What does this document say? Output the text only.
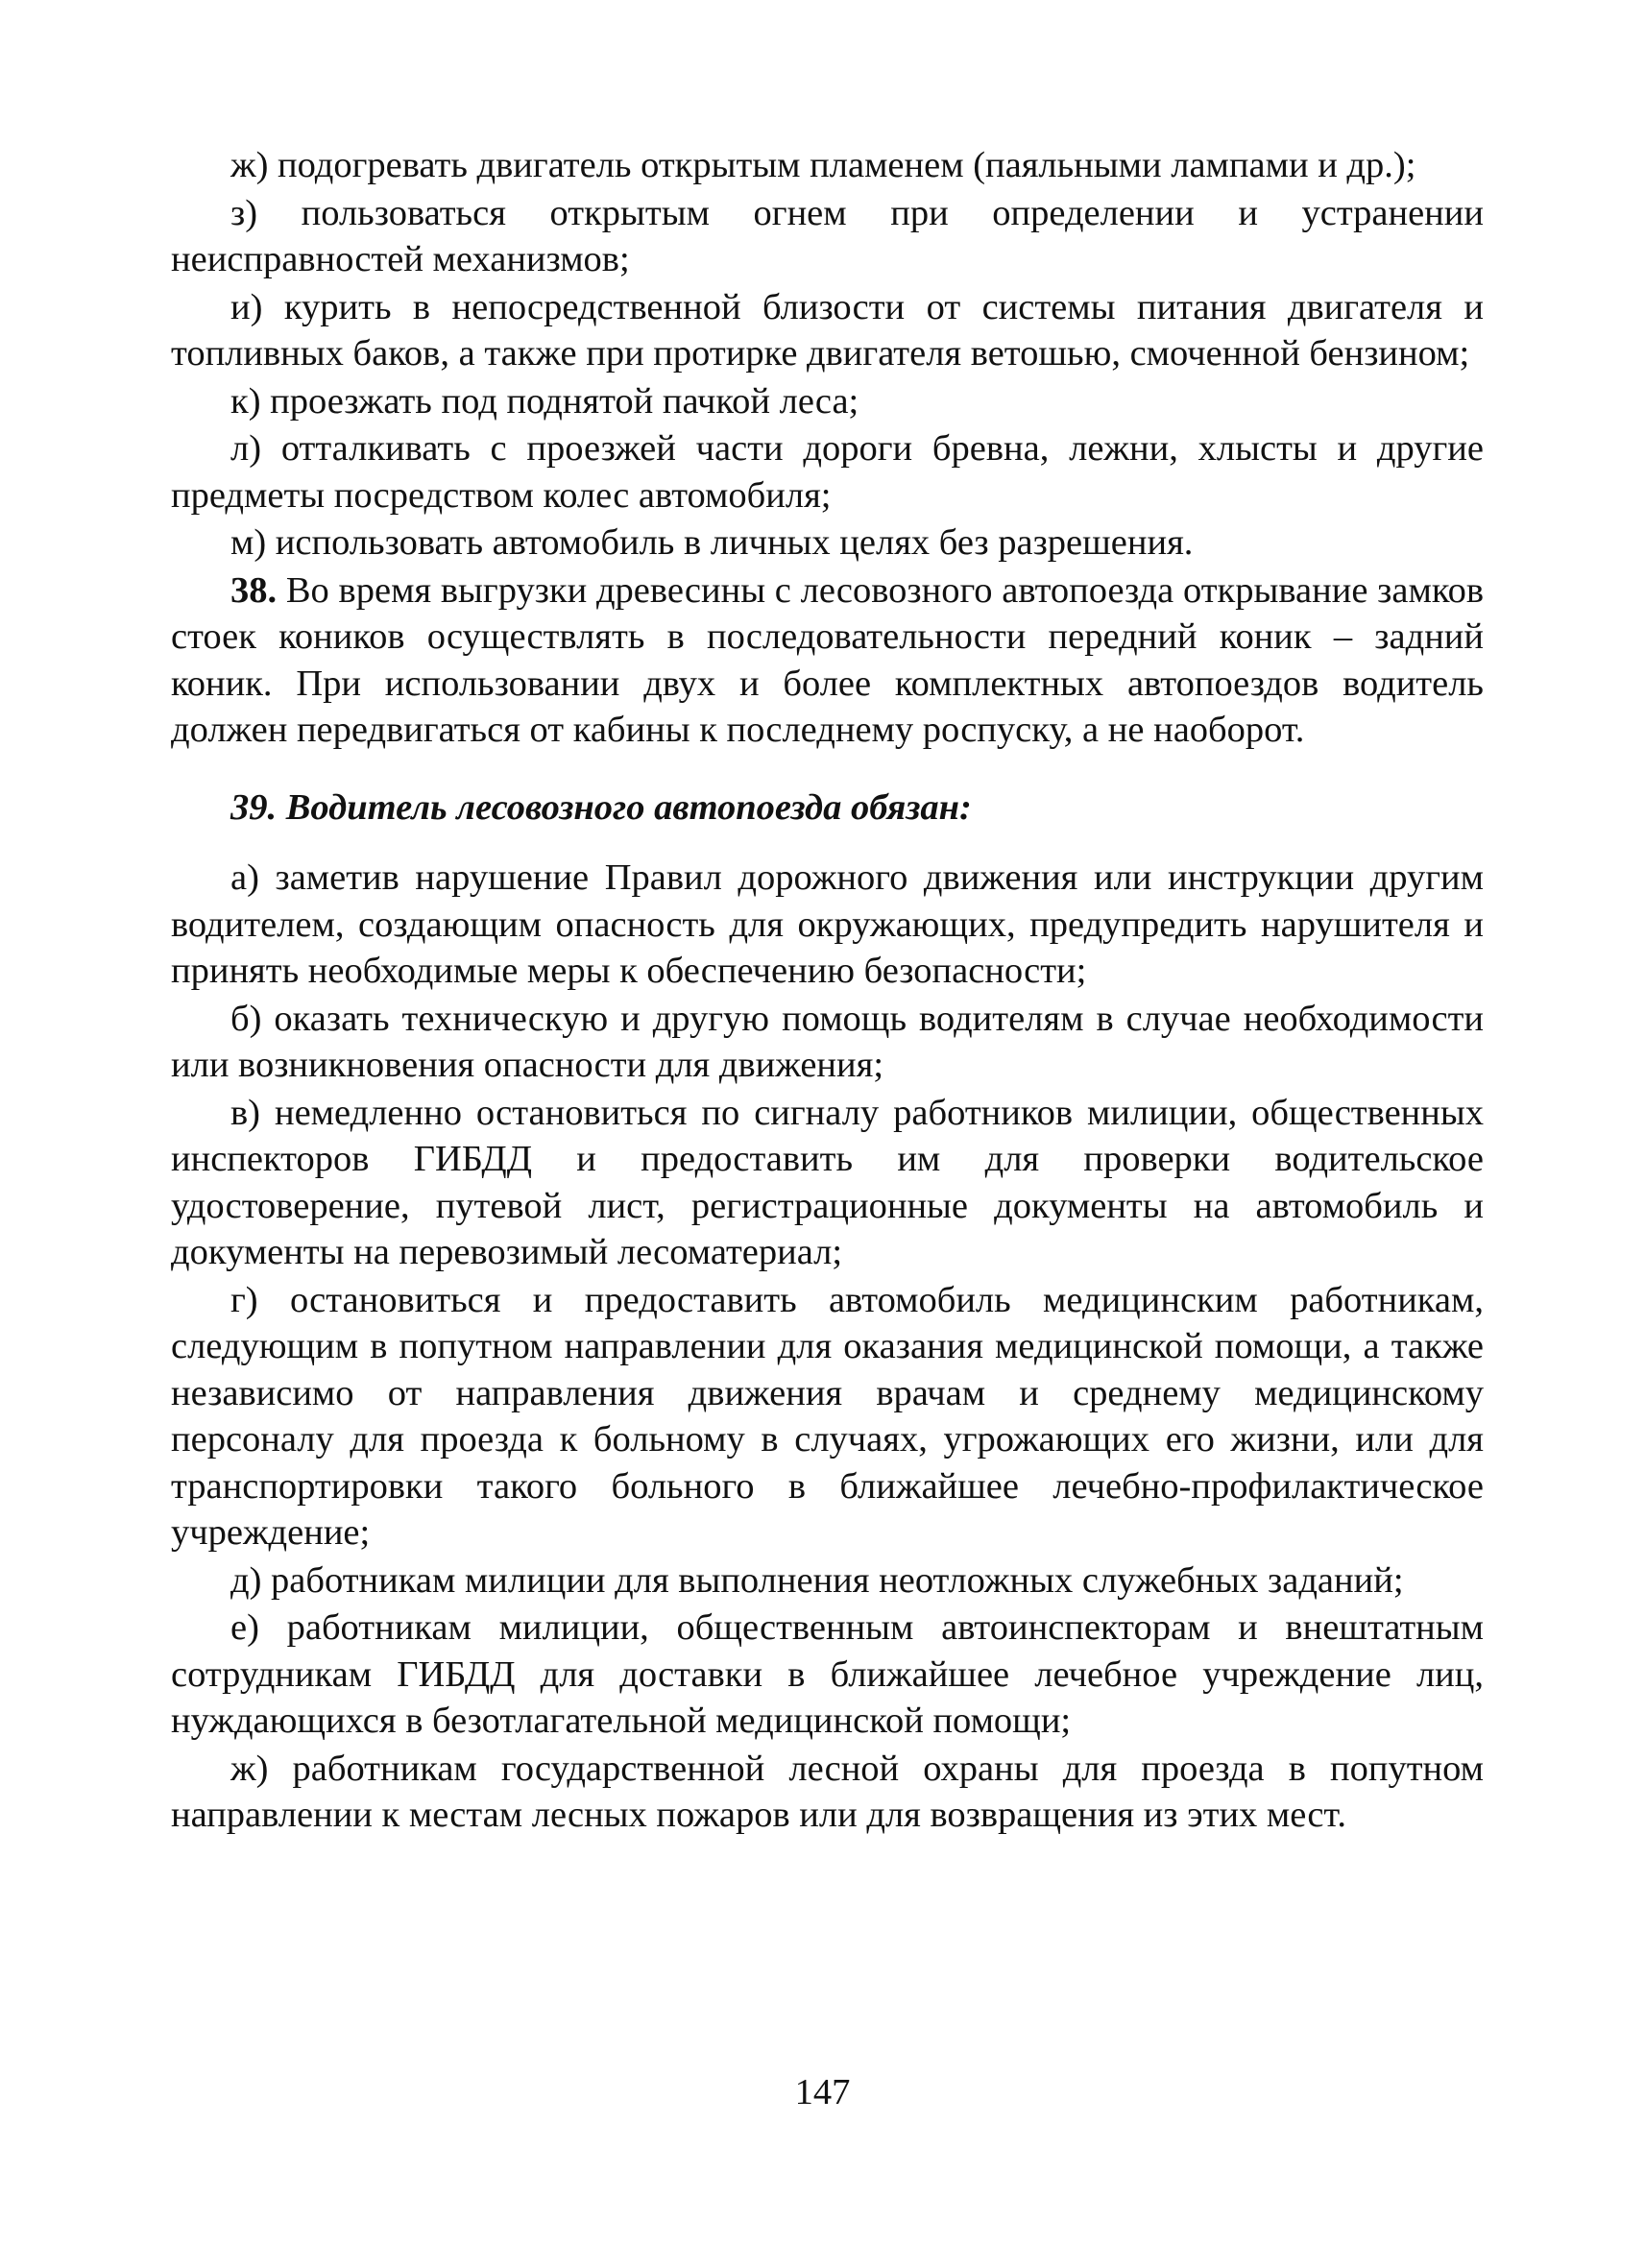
ж) подогревать двигатель открытым пламенем (паяльными лампами и др.);

з) пользоваться открытым огнем при определении и устранении неисправностей механизмов;

и) курить в непосредственной близости от системы питания двигателя и топливных баков, а также при протирке двигателя ветошью, смоченной бензином;

к) проезжать под поднятой пачкой леса;

л) отталкивать с проезжей части дороги бревна, лежни, хлысты и другие предметы посредством колес автомобиля;

м) использовать автомобиль в личных целях без разрешения.

38. Во время выгрузки древесины с лесовозного автопоезда открывание замков стоек коников осуществлять в последовательности передний коник – задний коник. При использовании двух и более комплектных автопоездов водитель должен передвигаться от кабины к последнему роспуску, а не наоборот.

39. Водитель лесовозного автопоезда обязан:

а) заметив нарушение Правил дорожного движения или инструкции другим водителем, создающим опасность для окружающих, предупредить нарушителя и принять необходимые меры к обеспечению безопасности;

б) оказать техническую и другую помощь водителям в случае необходимости или возникновения опасности для движения;

в) немедленно остановиться по сигналу работников милиции, общественных инспекторов ГИБДД и предоставить им для проверки водительское удостоверение, путевой лист, регистрационные документы на автомобиль и документы на перевозимый лесоматериал;

г) остановиться и предоставить автомобиль медицинским работникам, следующим в попутном направлении для оказания медицинской помощи, а также независимо от направления движения врачам и среднему медицинскому персоналу для проезда к больному в случаях, угрожающих его жизни, или для транспортировки такого больного в ближайшее лечебно-профилактическое учреждение;

д) работникам милиции для выполнения неотложных служебных заданий;

е) работникам милиции, общественным автоинспекторам и внештатным сотрудникам ГИБДД для доставки в ближайшее лечебное учреждение лиц, нуждающихся в безотлагательной медицинской помощи;

ж) работникам государственной лесной охраны для проезда в попутном направлении к местам лесных пожаров или для возвращения из этих мест.

147
